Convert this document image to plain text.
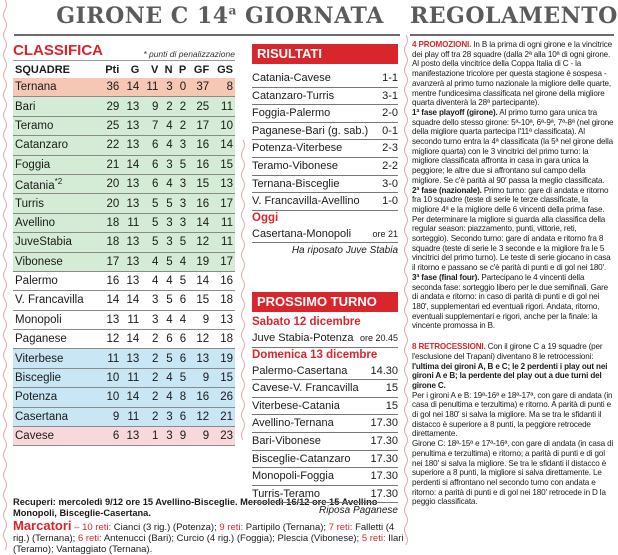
GIRONE C 14$^a$ GIORNATA	REGOLAMENTO
CLASSIFICA	* punti di penalizzazione
SQUADRE	Pti	G	V	N	P	GF	GS
Ternana	36	14	11	3	0	37	8
Bari	29	13	9	2	2	25	11
Teramo	25	13	7	4	2	17	10
Catanzaro	22	13	6	4	3	16	14
Foggia	21	14	6	3	5	16	15
Catania$^{*2}$	20	13	6	4	3	15	13
Turris	20	13	5	5	3	16	17
Avellino	18	11	5	3	3	14	11
JuveStabia	18	13	5	3	5	12	11
Vibonese	17	13	4	5	4	19	17
Palermo	16	13	4	4	5	14	16
V. Francavilla	14	14	3	5	6	15	18
Monopoli	13	11	3	4	4	9	13
Paganese	12	14	2	6	6	12	18
Viterbese	11	13	2	5	6	13	19
Bisceglie	10	11	2	4	5	9	15
Potenza	10	14	2	4	8	16	26
Casertana	9	11	2	3	6	12	21
Cavese	6	13	1	3	9	9	23
Recuperi: mercoledì 9/12 ore 15 Avellino-Bisceglie. Mercoledì 16/12 ore 15 Avellino-Monopoli, Bisceglie-Casertana.
Marcatori – 10 reti: Cianci (3 rig.) (Potenza); 9 reti: Partipilo (Ternana); 7 reti: Falletti (4 rig.) (Ternana); 6 reti: Antenucci (Bari); Curcio (4 rig.) (Foggia); Plescia (Vibonese); 5 reti: Ilari (Teramo); Vantaggiato (Ternana).
RISULTATI
Catania-Cavese	1-1
Catanzaro-Turris	3-1
Foggia-Palermo	2-0
Paganese-Bari (g. sab.) 0-1
Potenza-Viterbese	2-3
Teramo-Vibonese	2-2
Ternana-Bisceglie	3-0
V. Francavilla-Avellino 1-0
Oggi
Casertana-Monopoli ore 21
Ha riposato Juve Stabia
PROSSIMO TURNO
Sabato 12 dicembre
Juve Stabia-Potenza ore 20.45
Domenica 13 dicembre
Palermo-Casertana 14.30
Cavese-V. Francavilla 15
Viterbese-Catania	15
Avellino-Ternana	17.30
Bari-Vibonese	17.30
Bisceglie-Catanzaro 17.30
Monopoli-Foggia	17.30
Turris-Teramo	17.30
Riposa Paganese

4 PROMOZIONI. In B la prima di ogni girone e la vincitrice dei play off tra 28 squadre (dalla 2ª alla 10ª di ogni girone. Al posto della vincitrice della Coppa Italia di C - la manifestazione tricolore per questa stagione è sospesa - avanzerà al primo turno nazionale la migliore delle quarte, mentre l'undicesima classificata nel girone della migliore quarta diventerà la 28ª partecipante).

1ª fase playoff (girone). Al primo turno gara unica tra squadre dello stesso girone: 5ª-10ª, 6ª-9ª, 7ª-8ª (nel girone della migliore quarta partecipa l'11ª classificata). Al secondo turno entra la 4ª classificata (la 5ª nel girone della migliore quarta) con le 3 vincitrici del primo turno: la migliore classificata affronta in casa in gara unica la peggiore; le altre due si affrontano sul campo della migliore. Se c'è parità al 90' passa la meglio classificata.

2ª fase (nazionale). Primo turno: gare di andata e ritorno fra 10 squadre (teste di serie le terze classificate, la migliore 4ª e la migliore delle 6 vincenti della prima fase. Per determinare la migliore si guarda alla classifica della regular season: piazzamento, punti, vittorie, reti, sorteggio). Secondo turno: gare di andata e ritorno fra 8 squadre (teste di serie le 3 seconde e la migliore fra le 5 vincitrici del primo turno). Le teste di serie giocano in casa il ritorno e passano se c'è parità di punti e di gol nei 180'.

3ª fase (final four). Partecipano le 4 vincenti della seconda fase: sorteggio libero per le due semifinali. Gare di andata e ritorno: in caso di parità di punti e di gol nei 180', supplementari ed eventuali rigori. Andata, ritorno, eventuali supplementari e rigori, anche per la finale: la vincente promossa in B.

8 RETROCESSIONI. Con il girone C a 19 squadre (per l'esclusione del Trapani) diventano 8 le retrocessioni: l'ultima dei gironi A, B e C; le 2 perdenti i play out nei gironi A e B; la perdente del play out a due turni del girone C.

Per i gironi A e B: 19ª-16ª e 18ª-17ª, con gare di andata (in casa di penultima e terzultima) e ritorno. A parità di punti e di gol nei 180' si salva la migliore. Ma se tra le sfidanti il distacco è superiore a 8 punti, la peggiore retrocede direttamente.

Girone C: 18ª-15ª e 17ª-16ª, con gare di andata (in casa di penultima e terzultima) e ritorno; a parità di punti e di gol nei 180' si salva la migliore. Se tra le sfidanti il distacco è superiore a 8 punti, la migliore si salva direttamente. Le perdenti si affrontano nel secondo turno con andata e ritorno: a parità di punti e di gol nei 180' retrocede in D la peggio classificata.
